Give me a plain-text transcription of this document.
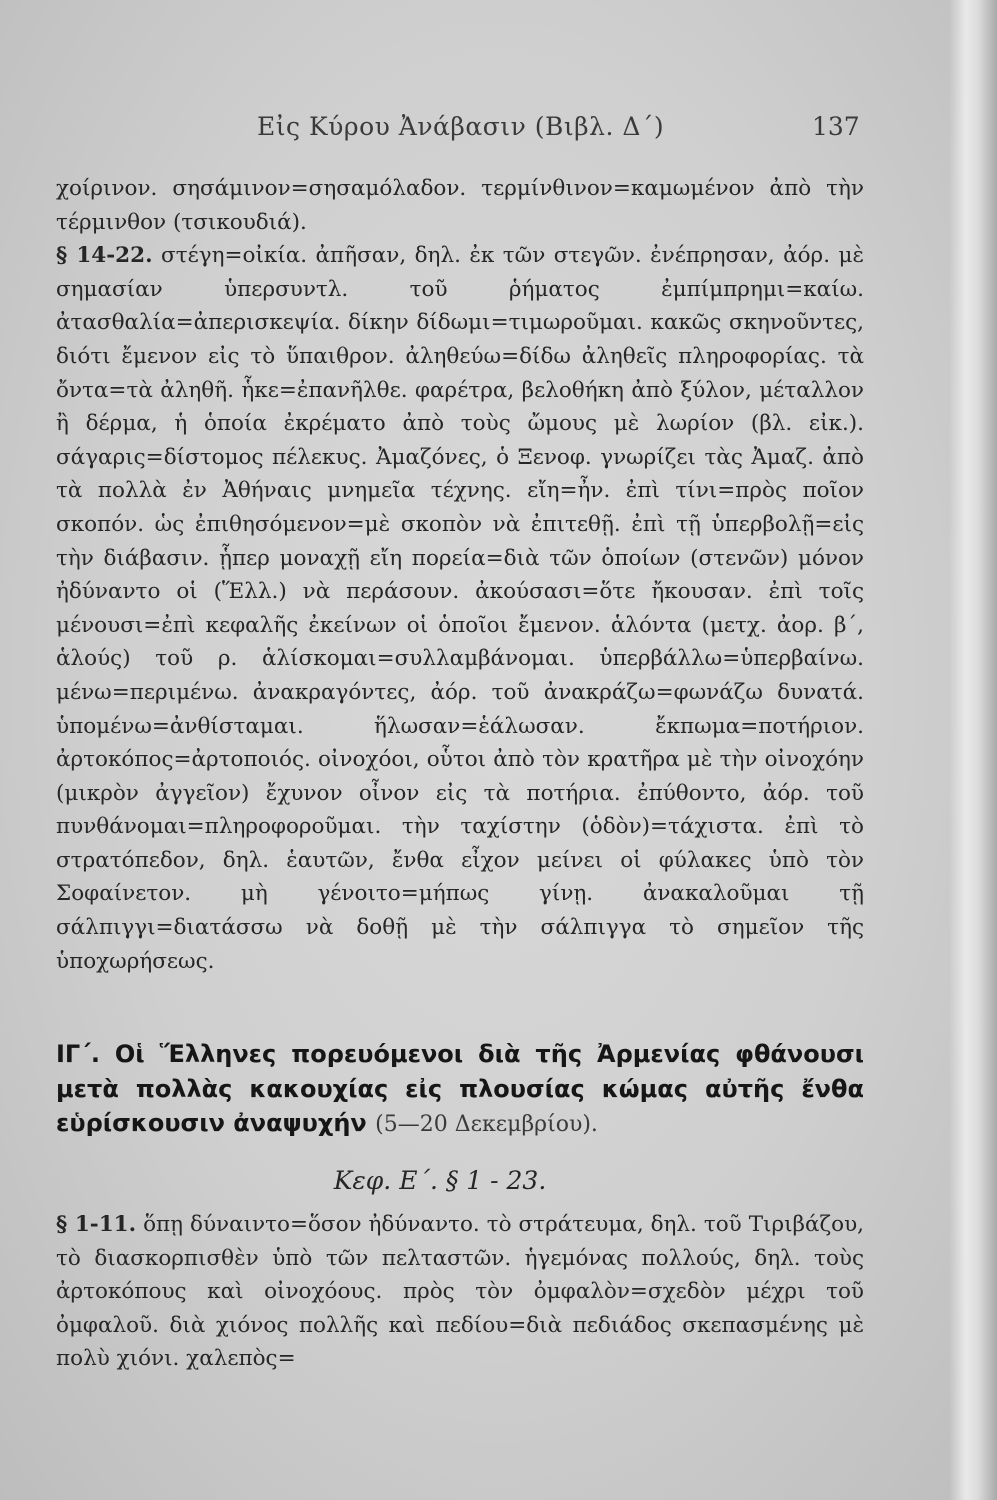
Εἰς Κύρου Ἀνάβασιν (Βιβλ. Δ΄)	137

χοίρινον. σησάμινον=σησαμόλαδον. τερμίνθινον=καμωμένον ἀπὸ τὴν τέρμινθον (τσικουδιά).

§ 14-22. στέγη=οἰκία. ἀπῆσαν, δηλ. ἐκ τῶν στεγῶν. ἐνέπρησαν, ἀόρ. μὲ σημασίαν ὑπερσυντλ. τοῦ ῥήματος ἐμπίμπρημι=καίω. ἀτασθαλία=ἀπερισκεψία. δίκην δίδωμι=τιμωροῦμαι. κακῶς σκηνοῦντες, διότι ἔμενον εἰς τὸ ὕπαιθρον. ἀληθεύω=δίδω ἀληθεῖς πληροφορίας. τὰ ὄντα=τὰ ἀληθῆ. ἧκε=ἐπανῆλθε. φαρέτρα, βελοθήκη ἀπὸ ξύλον, μέταλλον ἢ δέρμα, ἡ ὁποία ἐκρέματο ἀπὸ τοὺς ὤμους μὲ λωρίον (βλ. εἰκ.). σάγαρις=δίστομος πέλεκυς. Ἀμαζόνες, ὁ Ξενοφ. γνωρίζει τὰς Ἀμαζ. ἀπὸ τὰ πολλὰ ἐν Ἀθήναις μνημεῖα τέχνης. εἴη=ἦν. ἐπὶ τίνι=πρὸς ποῖον σκοπόν. ὡς ἐπιθησόμενον=μὲ σκοπὸν νὰ ἐπιτεθῇ. ἐπὶ τῇ ὑπερβολῇ=εἰς τὴν διάβασιν. ᾗπερ μοναχῇ εἴη πορεία=διὰ τῶν ὁποίων (στενῶν) μόνον ἠδύναντο οἱ (Ἕλλ.) νὰ περάσουν. ἀκούσασι=ὅτε ἤκουσαν. ἐπὶ τοῖς μένουσι=ἐπὶ κεφαλῆς ἐκείνων οἱ ὁποῖοι ἔμενον. ἁλόντα (μετχ. ἀορ. β΄, ἁλούς) τοῦ ρ. ἁλίσκομαι=συλλαμβάνομαι. ὑπερβάλλω=ὑπερβαίνω. μένω=περιμένω. ἀνακραγόντες, ἀόρ. τοῦ ἀνακράζω=φωνάζω δυνατά. ὑπομένω=ἀνθίσταμαι. ἥλωσαν=ἑάλωσαν. ἔκπωμα=ποτήριον. ἀρτοκόπος=ἀρτοποιός. οἰνοχόοι, οὗτοι ἀπὸ τὸν κρατῆρα μὲ τὴν οἰνοχόην (μικρὸν ἀγγεῖον) ἔχυνον οἶνον εἰς τὰ ποτήρια. ἐπύθοντο, ἀόρ. τοῦ πυνθάνομαι=πληροφοροῦμαι. τὴν ταχίστην (ὁδὸν)=τάχιστα. ἐπὶ τὸ στρατόπεδον, δηλ. ἑαυτῶν, ἔνθα εἶχον μείνει οἱ φύλακες ὑπὸ τὸν Σοφαίνετον. μὴ γένοιτο=μήπως γίνῃ. ἀνακαλοῦμαι τῇ σάλπιγγι=διατάσσω νὰ δοθῇ μὲ τὴν σάλπιγγα τὸ σημεῖον τῆς ὑποχωρήσεως.

ΙΓ΄. Οἱ Ἕλληνες πορευόμενοι διὰ τῆς Ἀρμενίας φθάνουσι μετὰ πολλὰς κακουχίας εἰς πλουσίας κώμας αὐτῆς ἔνθα εὑρίσκουσιν ἀναψυχήν (5—20 Δεκεμβρίου).
Κεφ. Ε΄. § 1 - 23.

§ 1-11. ὅπῃ δύναιντο=ὅσον ἠδύναντο. τὸ στράτευμα, δηλ. τοῦ Τιριβάζου, τὸ διασκορπισθὲν ὑπὸ τῶν πελταστῶν. ἡγεμόνας πολλούς, δηλ. τοὺς ἀρτοκόπους καὶ οἰνοχόους. πρὸς τὸν ὀμφαλὸν=σχεδὸν μέχρι τοῦ ὀμφαλοῦ. διὰ χιόνος πολλῆς καὶ πεδίου=διὰ πεδιάδος σκεπασμένης μὲ πολὺ χιόνι. χαλεπὸς=
